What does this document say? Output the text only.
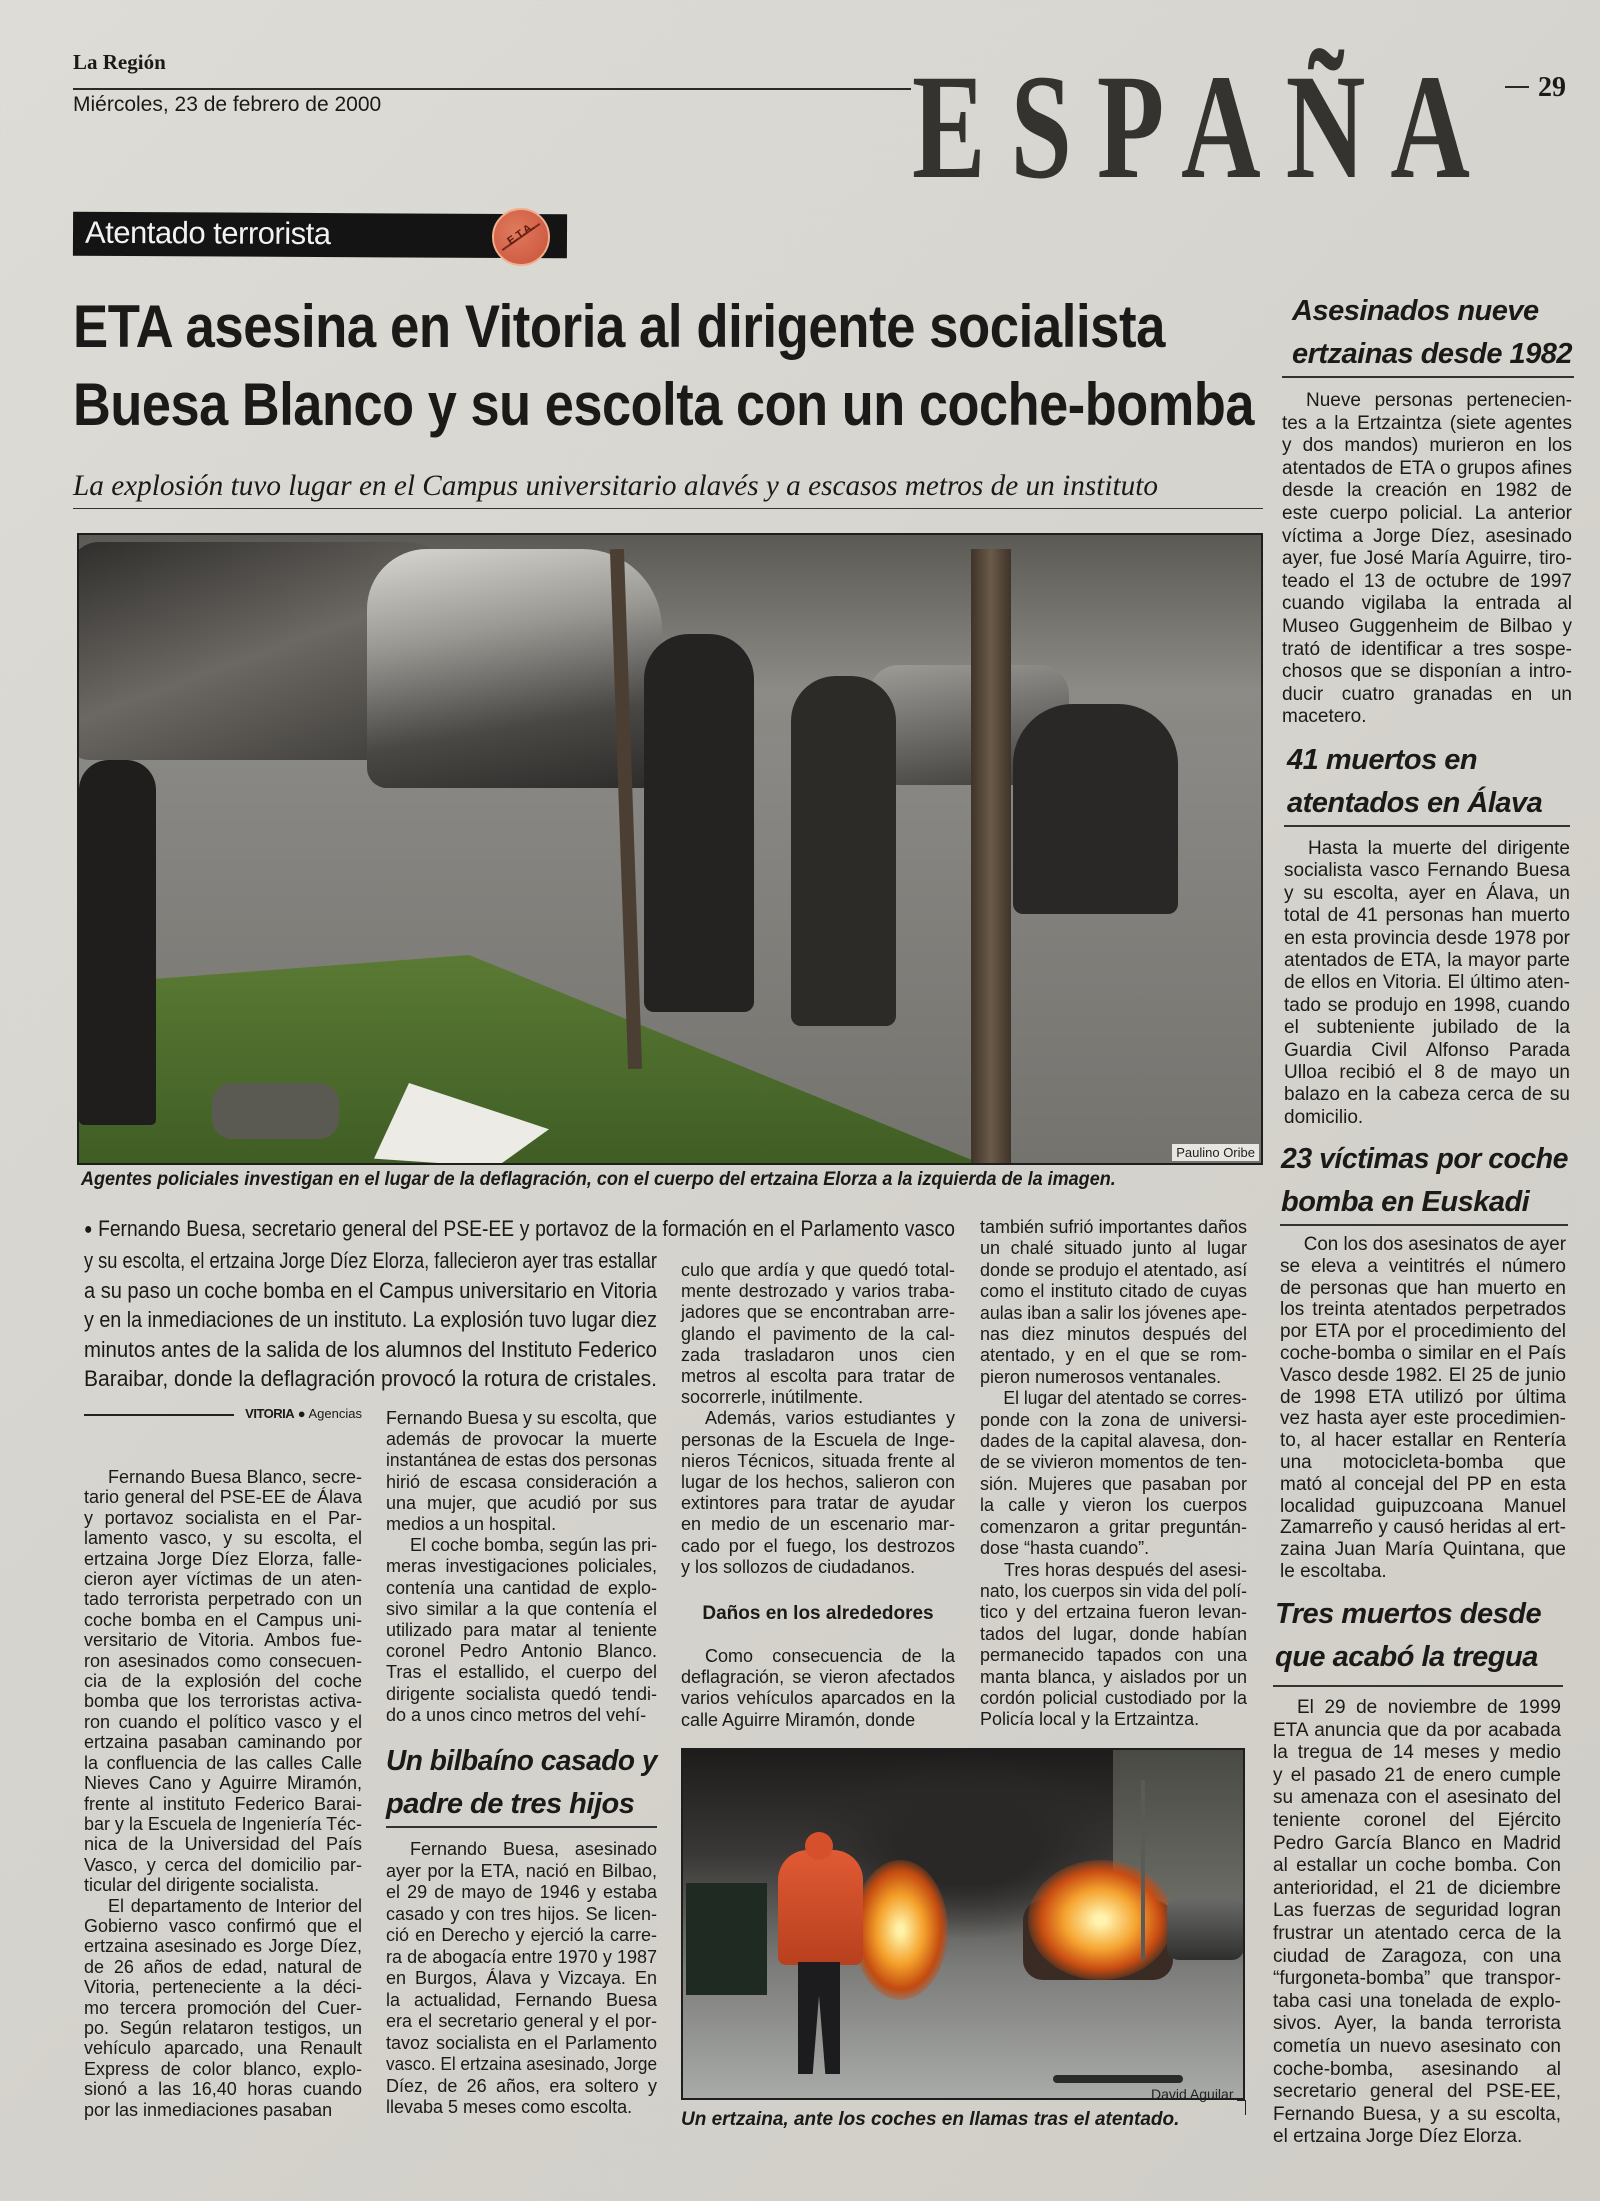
La Región
Miércoles, 23 de febrero de 2000	ESPAÑA 29
Atentado terrorista	E.T.A.
ETA asesina en Vitoria al dirigente socialista
Buesa Blanco y su escolta con un coche-bomba
La explosión tuvo lugar en el Campus universitario alavés y a escasos metros de un instituto
Paulino Oribe
Agentes policiales investigan en el lugar de la deflagración, con el cuerpo del ertzaina Elorza a la izquierda de la imagen.
● Fernando Buesa, secretario general del PSE-EE y portavoz de la formación en el Parlamento vasco
y su escolta, el ertzaina Jorge Díez Elorza, fallecieron ayer tras estallar
a su paso un coche bomba en el Campus universitario en Vitoria
y en la inmediaciones de un instituto. La explosión tuvo lugar diez
minutos antes de la salida de los alumnos del Instituto Federico
Baraibar, donde la deflagración provocó la rotura de cristales.
VITORIA ● Agencias
Fernando Buesa Blanco, secre-
tario general del PSE-EE de Álava
y portavoz socialista en el Par-
lamento vasco, y su escolta, el
ertzaina Jorge Díez Elorza, falle-
cieron ayer víctimas de un aten-
tado terrorista perpetrado con un
coche bomba en el Campus uni-
versitario de Vitoria. Ambos fue-
ron asesinados como consecuen-
cia de la explosión del coche
bomba que los terroristas activa-
ron cuando el político vasco y el
ertzaina pasaban caminando por
la confluencia de las calles Calle
Nieves Cano y Aguirre Miramón,
frente al instituto Federico Barai-
bar y la Escuela de Ingeniería Téc-
nica de la Universidad del País
Vasco, y cerca del domicilio par-
ticular del dirigente socialista.
El departamento de Interior del
Gobierno vasco confirmó que el
ertzaina asesinado es Jorge Díez,
de 26 años de edad, natural de
Vitoria, perteneciente a la déci-
mo tercera promoción del Cuer-
po. Según relataron testigos, un
vehículo aparcado, una Renault
Express de color blanco, explo-
sionó a las 16,40 horas cuando
por las inmediaciones pasaban
Fernando Buesa y su escolta, que
además de provocar la muerte
instantánea de estas dos personas
hirió de escasa consideración a
una mujer, que acudió por sus
medios a un hospital.
El coche bomba, según las pri-
meras investigaciones policiales,
contenía una cantidad de explo-
sivo similar a la que contenía el
utilizado para matar al teniente
coronel Pedro Antonio Blanco.
Tras el estallido, el cuerpo del
dirigente socialista quedó tendi-
do a unos cinco metros del vehí-
Un bilbaíno casado y
padre de tres hijos
Fernando Buesa, asesinado
ayer por la ETA, nació en Bilbao,
el 29 de mayo de 1946 y estaba
casado y con tres hijos. Se licen-
ció en Derecho y ejerció la carre-
ra de abogacía entre 1970 y 1987
en Burgos, Álava y Vizcaya. En
la actualidad, Fernando Buesa
era el secretario general y el por-
tavoz socialista en el Parlamento
vasco. El ertzaina asesinado, Jorge
Díez, de 26 años, era soltero y
llevaba 5 meses como escolta.
culo que ardía y que quedó total-
mente destrozado y varios traba-
jadores que se encontraban arre-
glando el pavimento de la cal-
zada trasladaron unos cien
metros al escolta para tratar de
socorrerle, inútilmente.
Además, varios estudiantes y
personas de la Escuela de Inge-
nieros Técnicos, situada frente al
lugar de los hechos, salieron con
extintores para tratar de ayudar
en medio de un escenario mar-
cado por el fuego, los destrozos
y los sollozos de ciudadanos.
Daños en los alrededores
Como consecuencia de la
deflagración, se vieron afectados
varios vehículos aparcados en la
calle Aguirre Miramón, donde
también sufrió importantes daños
un chalé situado junto al lugar
donde se produjo el atentado, así
como el instituto citado de cuyas
aulas iban a salir los jóvenes ape-
nas diez minutos después del
atentado, y en el que se rom-
pieron numerosos ventanales.
El lugar del atentado se corres-
ponde con la zona de universi-
dades de la capital alavesa, don-
de se vivieron momentos de ten-
sión. Mujeres que pasaban por
la calle y vieron los cuerpos
comenzaron a gritar preguntán-
dose “hasta cuando”.
Tres horas después del asesi-
nato, los cuerpos sin vida del polí-
tico y del ertzaina fueron levan-
tados del lugar, donde habían
permanecido tapados con una
manta blanca, y aislados por un
cordón policial custodiado por la
Policía local y la Ertzaintza.
David Aguilar
Un ertzaina, ante los coches en llamas tras el atentado.
Asesinados nueve
ertzainas desde 1982
Nueve personas pertenecien-
tes a la Ertzaintza (siete agentes
y dos mandos) murieron en los
atentados de ETA o grupos afines
desde la creación en 1982 de
este cuerpo policial. La anterior
víctima a Jorge Díez, asesinado
ayer, fue José María Aguirre, tiro-
teado el 13 de octubre de 1997
cuando vigilaba la entrada al
Museo Guggenheim de Bilbao y
trató de identificar a tres sospe-
chosos que se disponían a intro-
ducir cuatro granadas en un
macetero.
41 muertos en
atentados en Álava
Hasta la muerte del dirigente
socialista vasco Fernando Buesa
y su escolta, ayer en Álava, un
total de 41 personas han muerto
en esta provincia desde 1978 por
atentados de ETA, la mayor parte
de ellos en Vitoria. El último aten-
tado se produjo en 1998, cuando
el subteniente jubilado de la
Guardia Civil Alfonso Parada
Ulloa recibió el 8 de mayo un
balazo en la cabeza cerca de su
domicilio.
23 víctimas por coche
bomba en Euskadi
Con los dos asesinatos de ayer
se eleva a veintitrés el número
de personas que han muerto en
los treinta atentados perpetrados
por ETA por el procedimiento del
coche-bomba o similar en el País
Vasco desde 1982. El 25 de junio
de 1998 ETA utilizó por última
vez hasta ayer este procedimien-
to, al hacer estallar en Rentería
una motocicleta-bomba que
mató al concejal del PP en esta
localidad guipuzcoana Manuel
Zamarreño y causó heridas al ert-
zaina Juan María Quintana, que
le escoltaba.
Tres muertos desde
que acabó la tregua
El 29 de noviembre de 1999
ETA anuncia que da por acabada
la tregua de 14 meses y medio
y el pasado 21 de enero cumple
su amenaza con el asesinato del
teniente coronel del Ejército
Pedro García Blanco en Madrid
al estallar un coche bomba. Con
anterioridad, el 21 de diciembre
Las fuerzas de seguridad logran
frustrar un atentado cerca de la
ciudad de Zaragoza, con una
“furgoneta-bomba” que transpor-
taba casi una tonelada de explo-
sivos. Ayer, la banda terrorista
cometía un nuevo asesinato con
coche-bomba, asesinando al
secretario general del PSE-EE,
Fernando Buesa, y a su escolta,
el ertzaina Jorge Díez Elorza.
